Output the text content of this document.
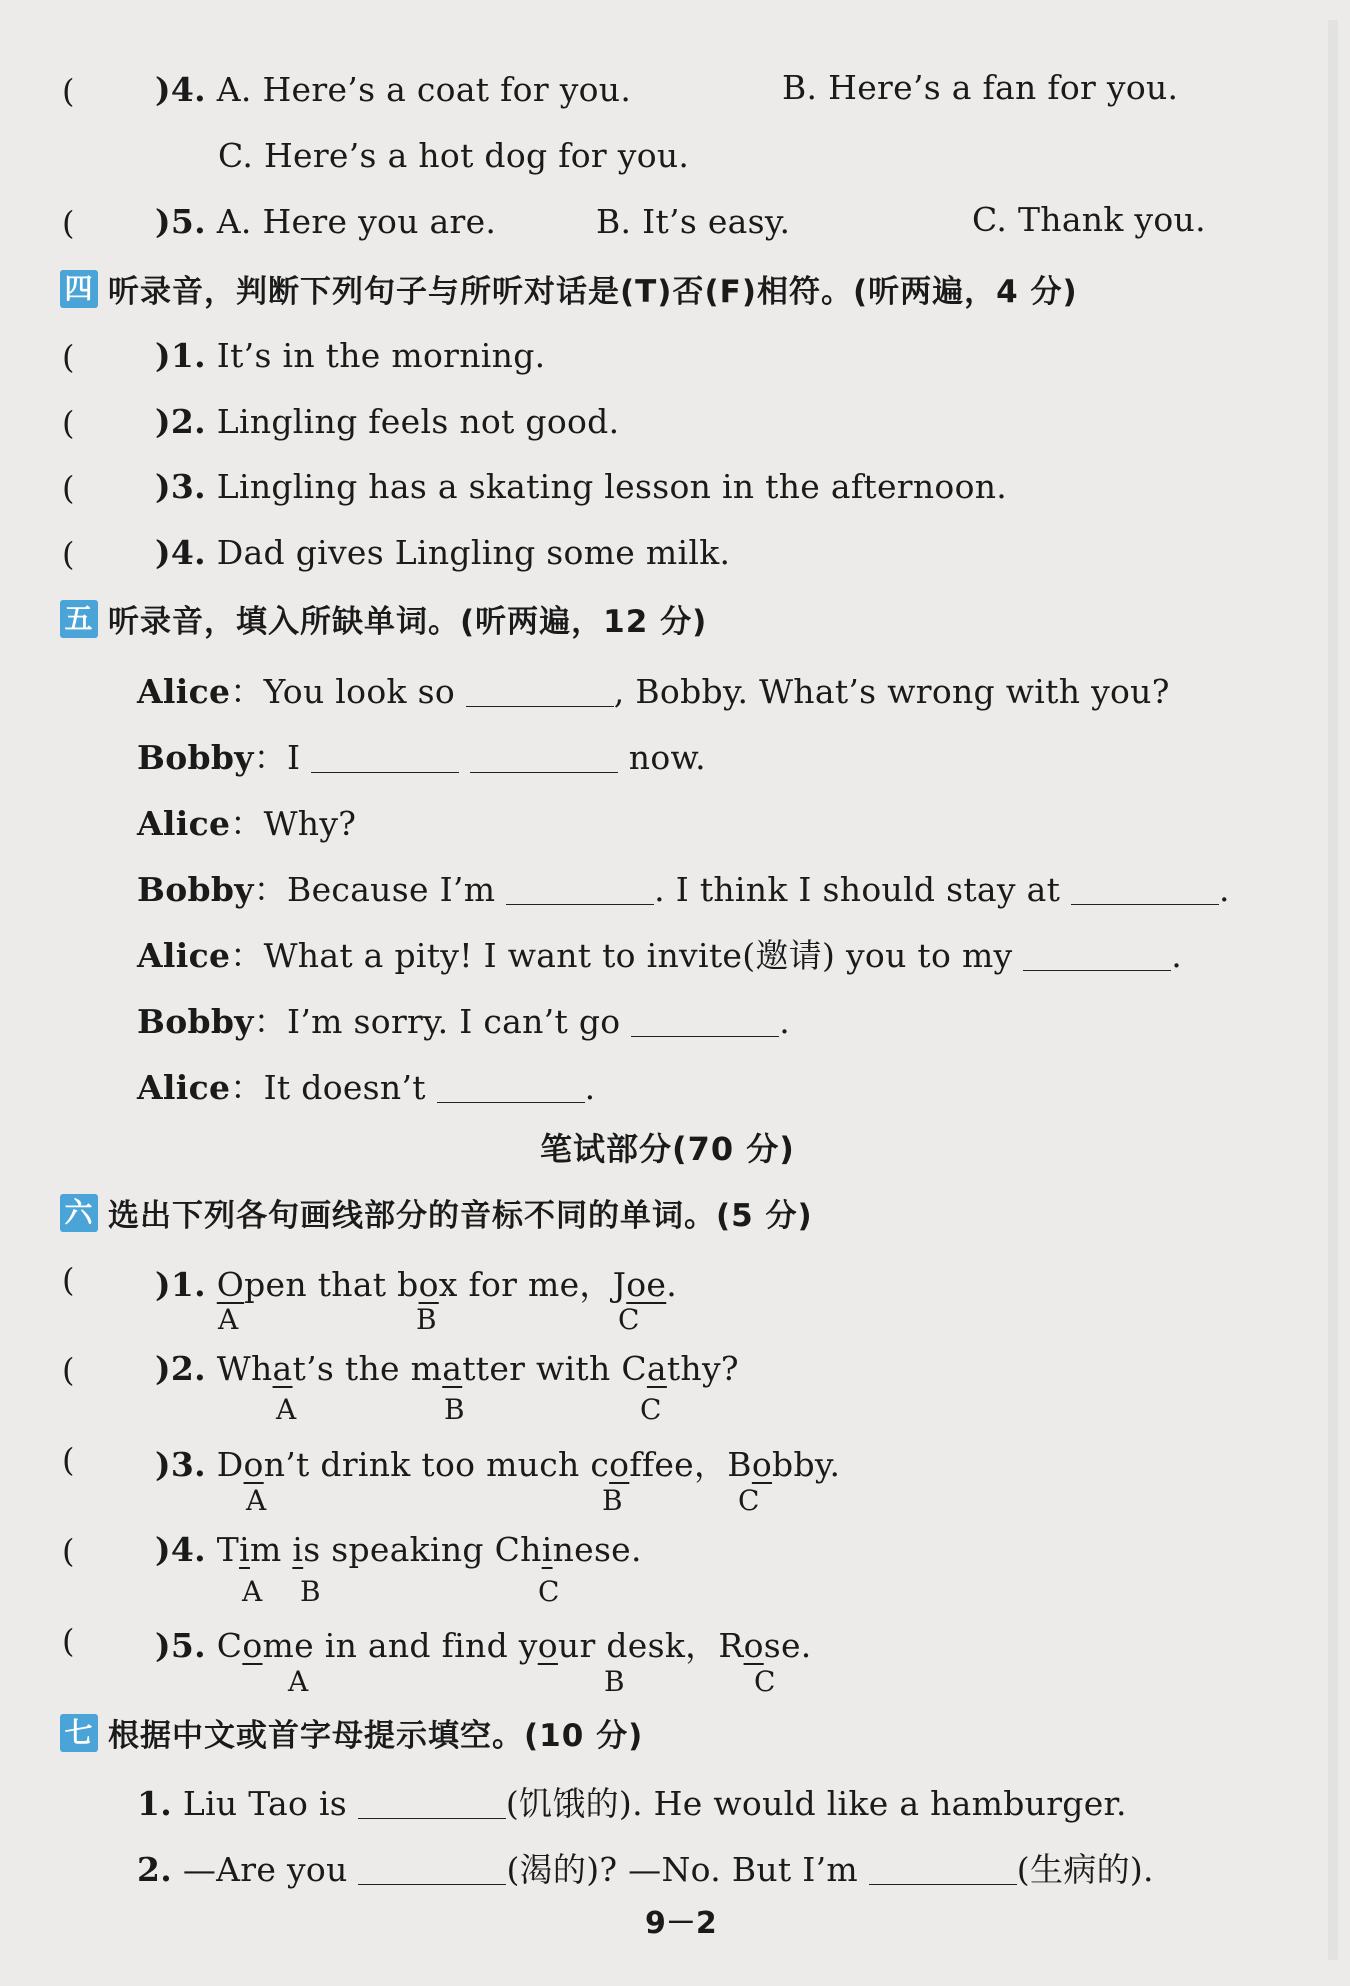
( )4. A. Here’s a coat for you.	B. Here’s a fan for you.
C. Here’s a hot dog for you.
( )5. A. Here you are.	B. It’s easy.	C. Thank you.
四 听录音，判断下列句子与所听对话是(T)否(F)相符。(听两遍，4 分)
( )1. It’s in the morning.
( )2. Lingling feels not good.
( )3. Lingling has a skating lesson in the afternoon.
( )4. Dad gives Lingling some milk.
五 听录音，填入所缺单词。(听两遍，12 分)
Alice：You look so	, Bobby. What’s wrong with you?
Bobby：I	now.
Alice：Why?
Bobby：Because I’m	. I think I should stay at	.
Alice：What a pity! I want to invite(邀请) you to my	.
Bobby：I’m sorry. I can’t go	.
Alice：It doesn’t	.
笔试部分(70 分)
六 选出下列各句画线部分的音标不同的单词。(5 分)
( )1. Open that box for me，Joe.
A	B	C
( )2. What’s the matter with Cathy?
A	B	C
( )3. Don’t drink too much coffee，Bobby.
A	B	C
( )4. Tim is speaking Chinese.
A B	C
( )5. Come in and find your desk，Rose.
A	B	C
七 根据中文或首字母提示填空。(10 分)
1. Liu Tao is	(饥饿的). He would like a hamburger.
2. —Are you	(渴的)? —No. But I’m	(生病的).
9－2
